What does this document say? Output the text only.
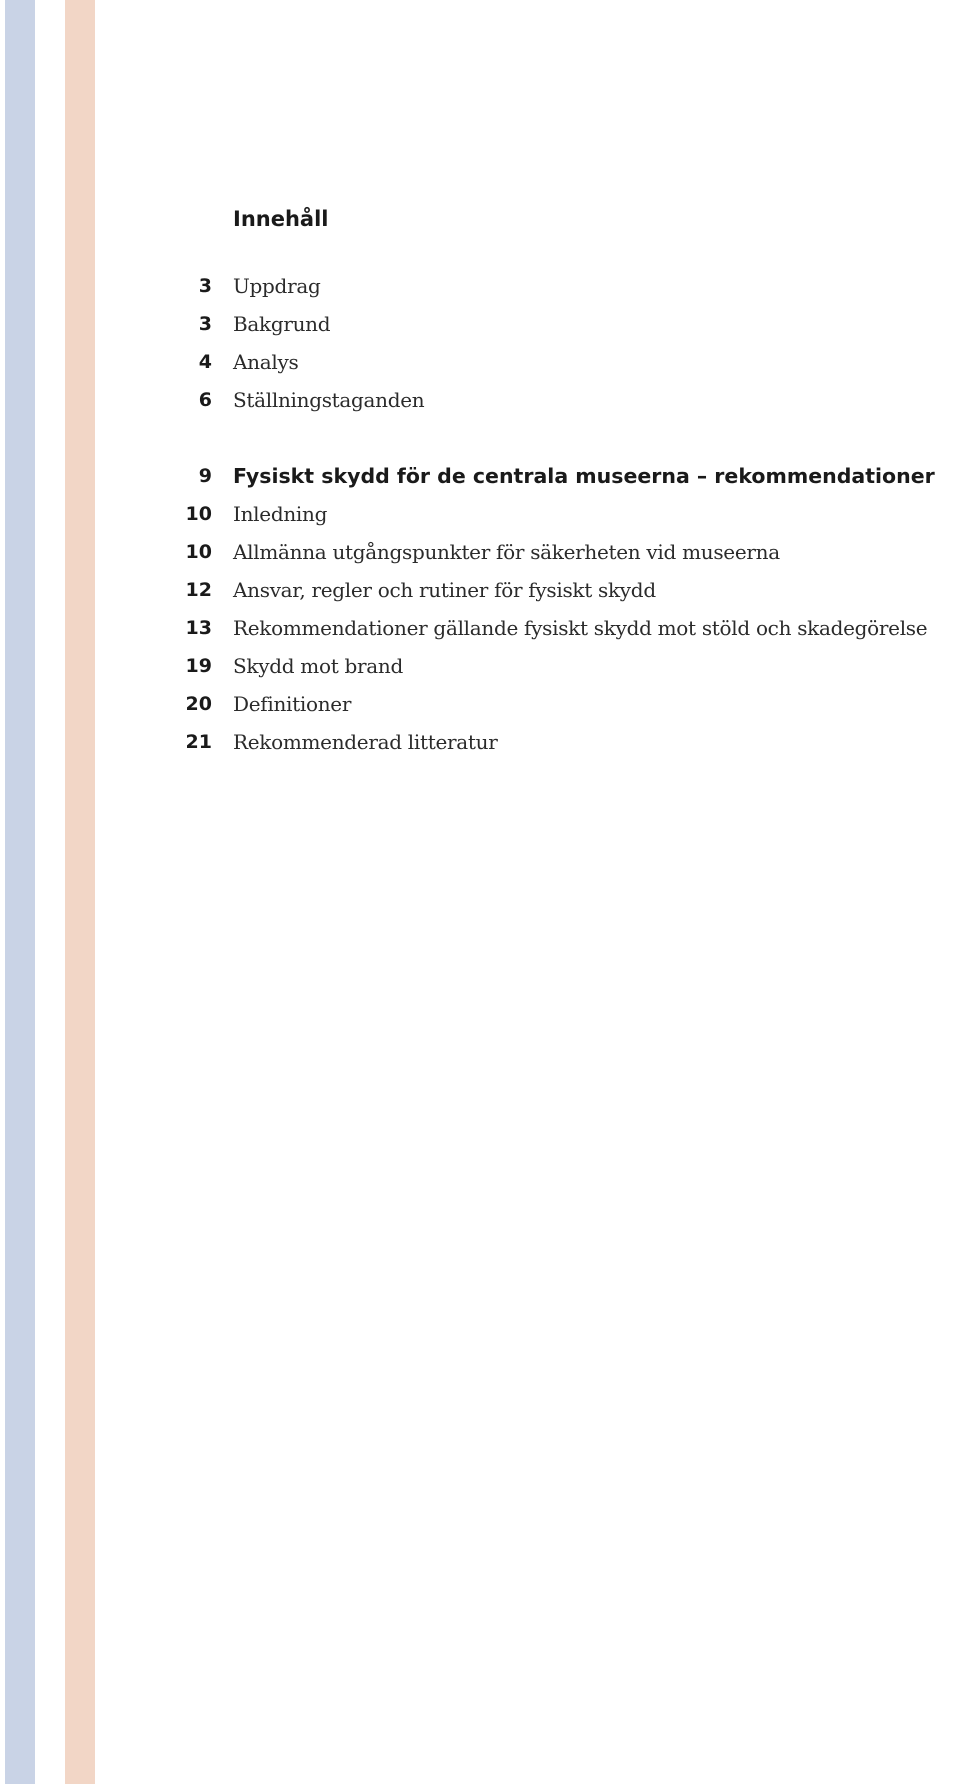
Innehåll
3 Uppdrag
3 Bakgrund
4 Analys
6 Ställningstaganden
9 Fysiskt skydd för de centrala museerna – rekommendationer
10 Inledning
10 Allmänna utgångspunkter för säkerheten vid museerna
12 Ansvar, regler och rutiner för fysiskt skydd
13 Rekommendationer gällande fysiskt skydd mot stöld och skadegörelse
19 Skydd mot brand
20 Definitioner
21 Rekommenderad litteratur
